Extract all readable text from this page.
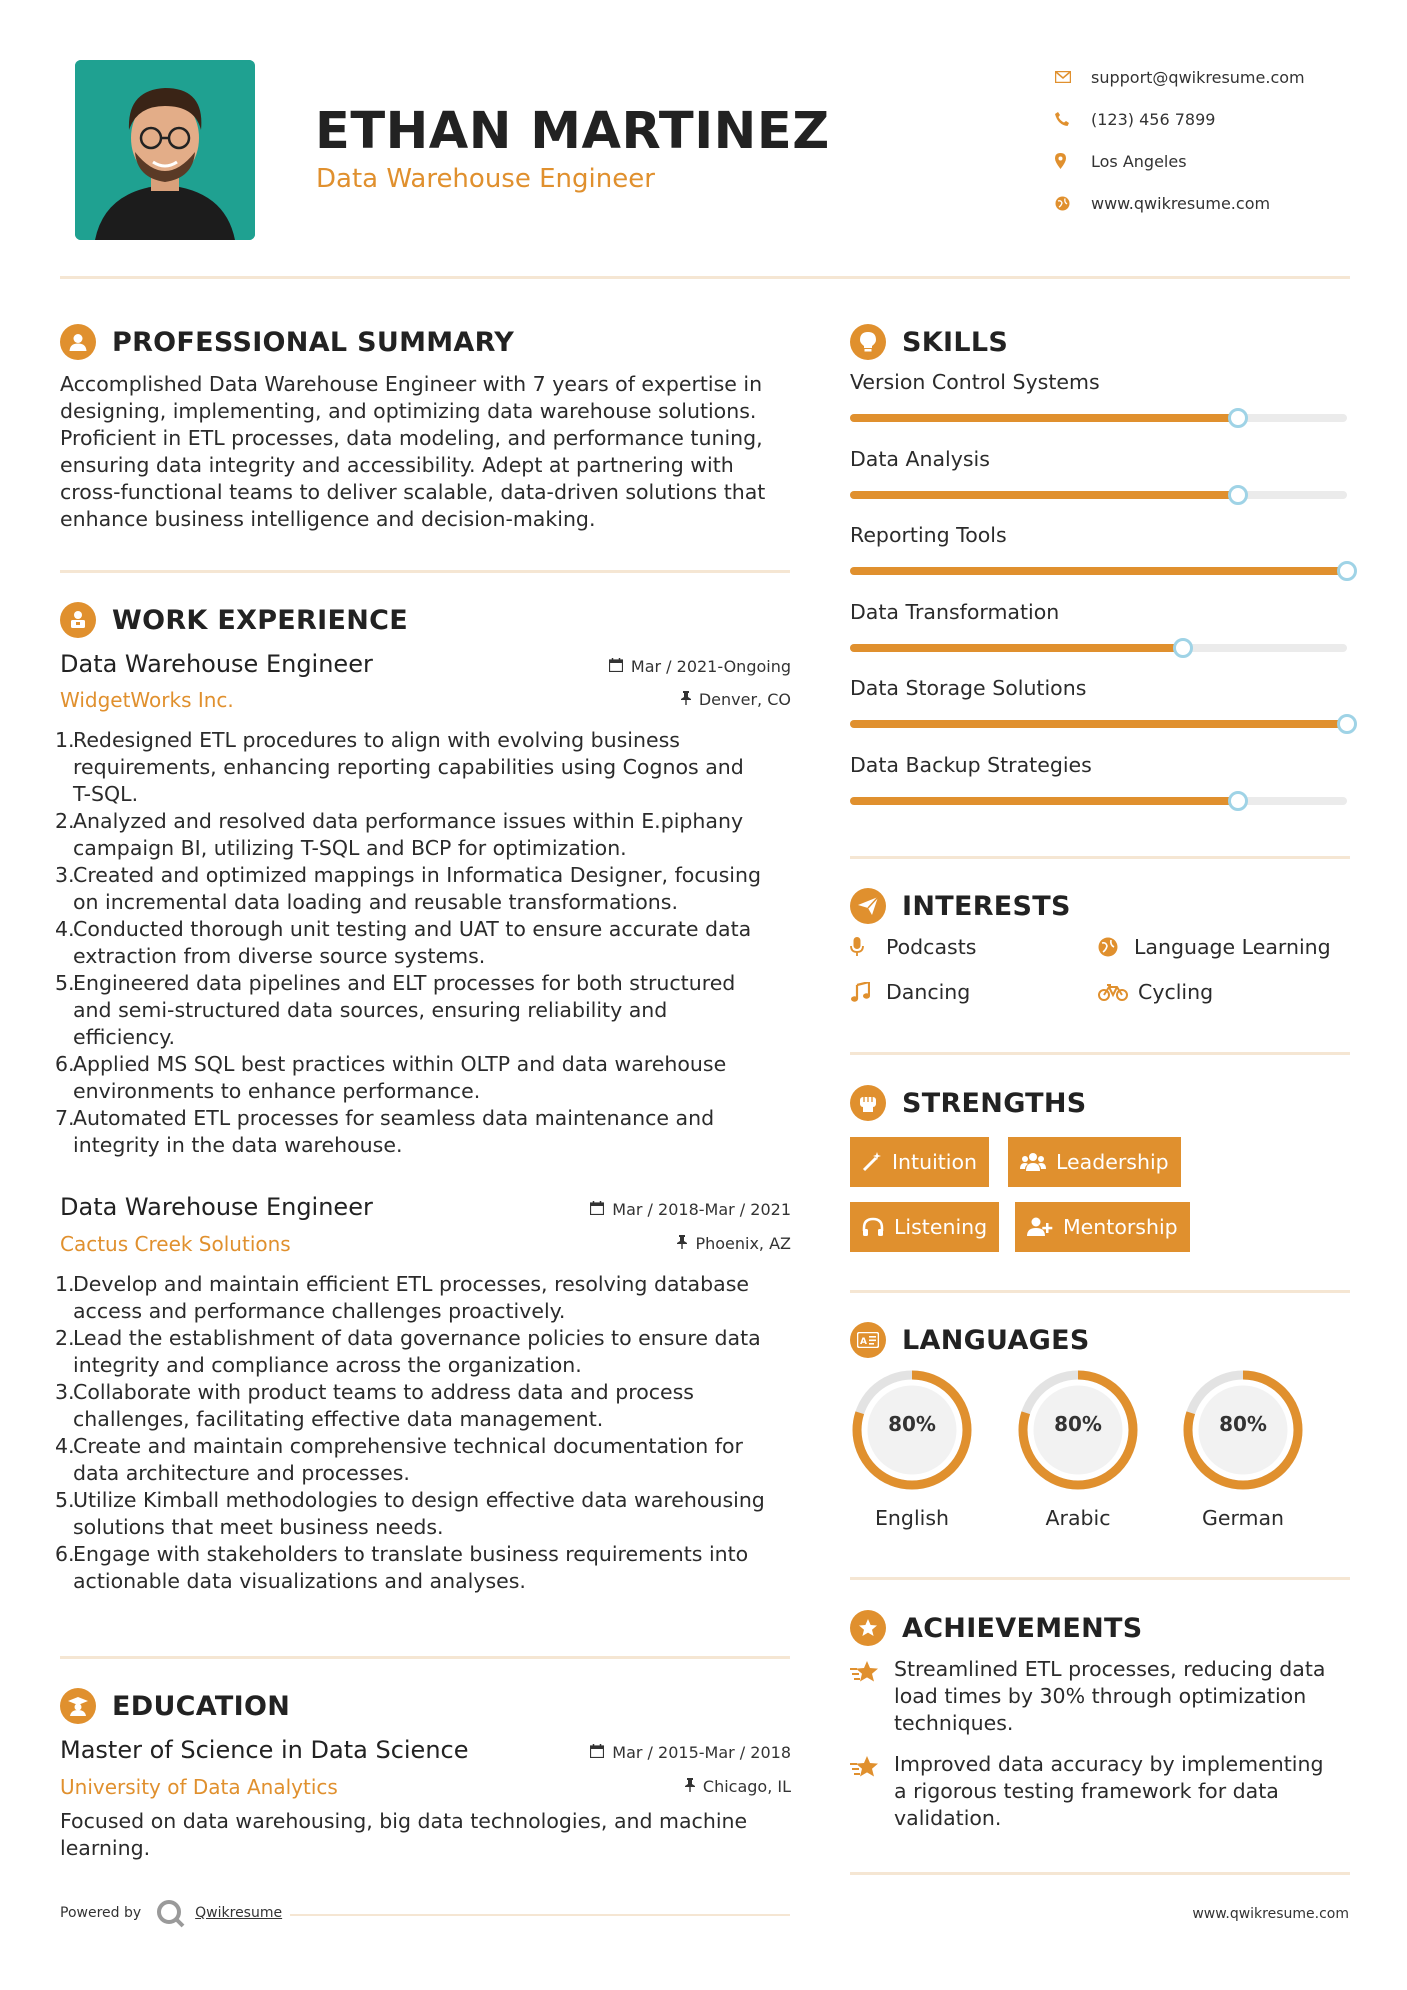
ETHAN MARTINEZ
Data Warehouse Engineer
support@qwikresume.com
(123) 456 7899
Los Angeles
www.qwikresume.com
PROFESSIONAL SUMMARY
Accomplished Data Warehouse Engineer with 7 years of expertise in
designing, implementing, and optimizing data warehouse solutions.
Proficient in ETL processes, data modeling, and performance tuning,
ensuring data integrity and accessibility. Adept at partnering with
cross-functional teams to deliver scalable, data-driven solutions that
enhance business intelligence and decision-making.
WORK EXPERIENCE
Data Warehouse Engineer	Mar / 2021-Ongoing
WidgetWorks Inc.	Denver, CO
1.
Redesigned ETL procedures to align with evolving business
requirements, enhancing reporting capabilities using Cognos and
T-SQL.
2.
Analyzed and resolved data performance issues within E.piphany
campaign BI, utilizing T-SQL and BCP for optimization.
3.
Created and optimized mappings in Informatica Designer, focusing
on incremental data loading and reusable transformations.
4.
Conducted thorough unit testing and UAT to ensure accurate data
extraction from diverse source systems.
5.
Engineered data pipelines and ELT processes for both structured
and semi-structured data sources, ensuring reliability and
efficiency.
6.
Applied MS SQL best practices within OLTP and data warehouse
environments to enhance performance.
7.
Automated ETL processes for seamless data maintenance and
integrity in the data warehouse.
Data Warehouse Engineer	Mar / 2018-Mar / 2021
Cactus Creek Solutions	Phoenix, AZ
1.
Develop and maintain efficient ETL processes, resolving database
access and performance challenges proactively.
2.
Lead the establishment of data governance policies to ensure data
integrity and compliance across the organization.
3.
Collaborate with product teams to address data and process
challenges, facilitating effective data management.
4.
Create and maintain comprehensive technical documentation for
data architecture and processes.
5.
Utilize Kimball methodologies to design effective data warehousing
solutions that meet business needs.
6.
Engage with stakeholders to translate business requirements into
actionable data visualizations and analyses.
EDUCATION
Master of Science in Data Science	Mar / 2015-Mar / 2018
University of Data Analytics	Chicago, IL
Focused on data warehousing, big data technologies, and machine
learning.
Powered by	Qwikresume	www.qwikresume.com
SKILLS
Version Control Systems
Data Analysis
Reporting Tools
Data Transformation
Data Storage Solutions
Data Backup Strategies
INTERESTS
Podcasts	Language Learning
Dancing	Cycling
STRENGTHS
Intuition	Leadership
Listening	Mentorship
A LANGUAGES
80%
English
80%
Arabic
80%
German
ACHIEVEMENTS
Streamlined ETL processes, reducing data
load times by 30% through optimization
techniques.
Improved data accuracy by implementing
a rigorous testing framework for data
validation.
